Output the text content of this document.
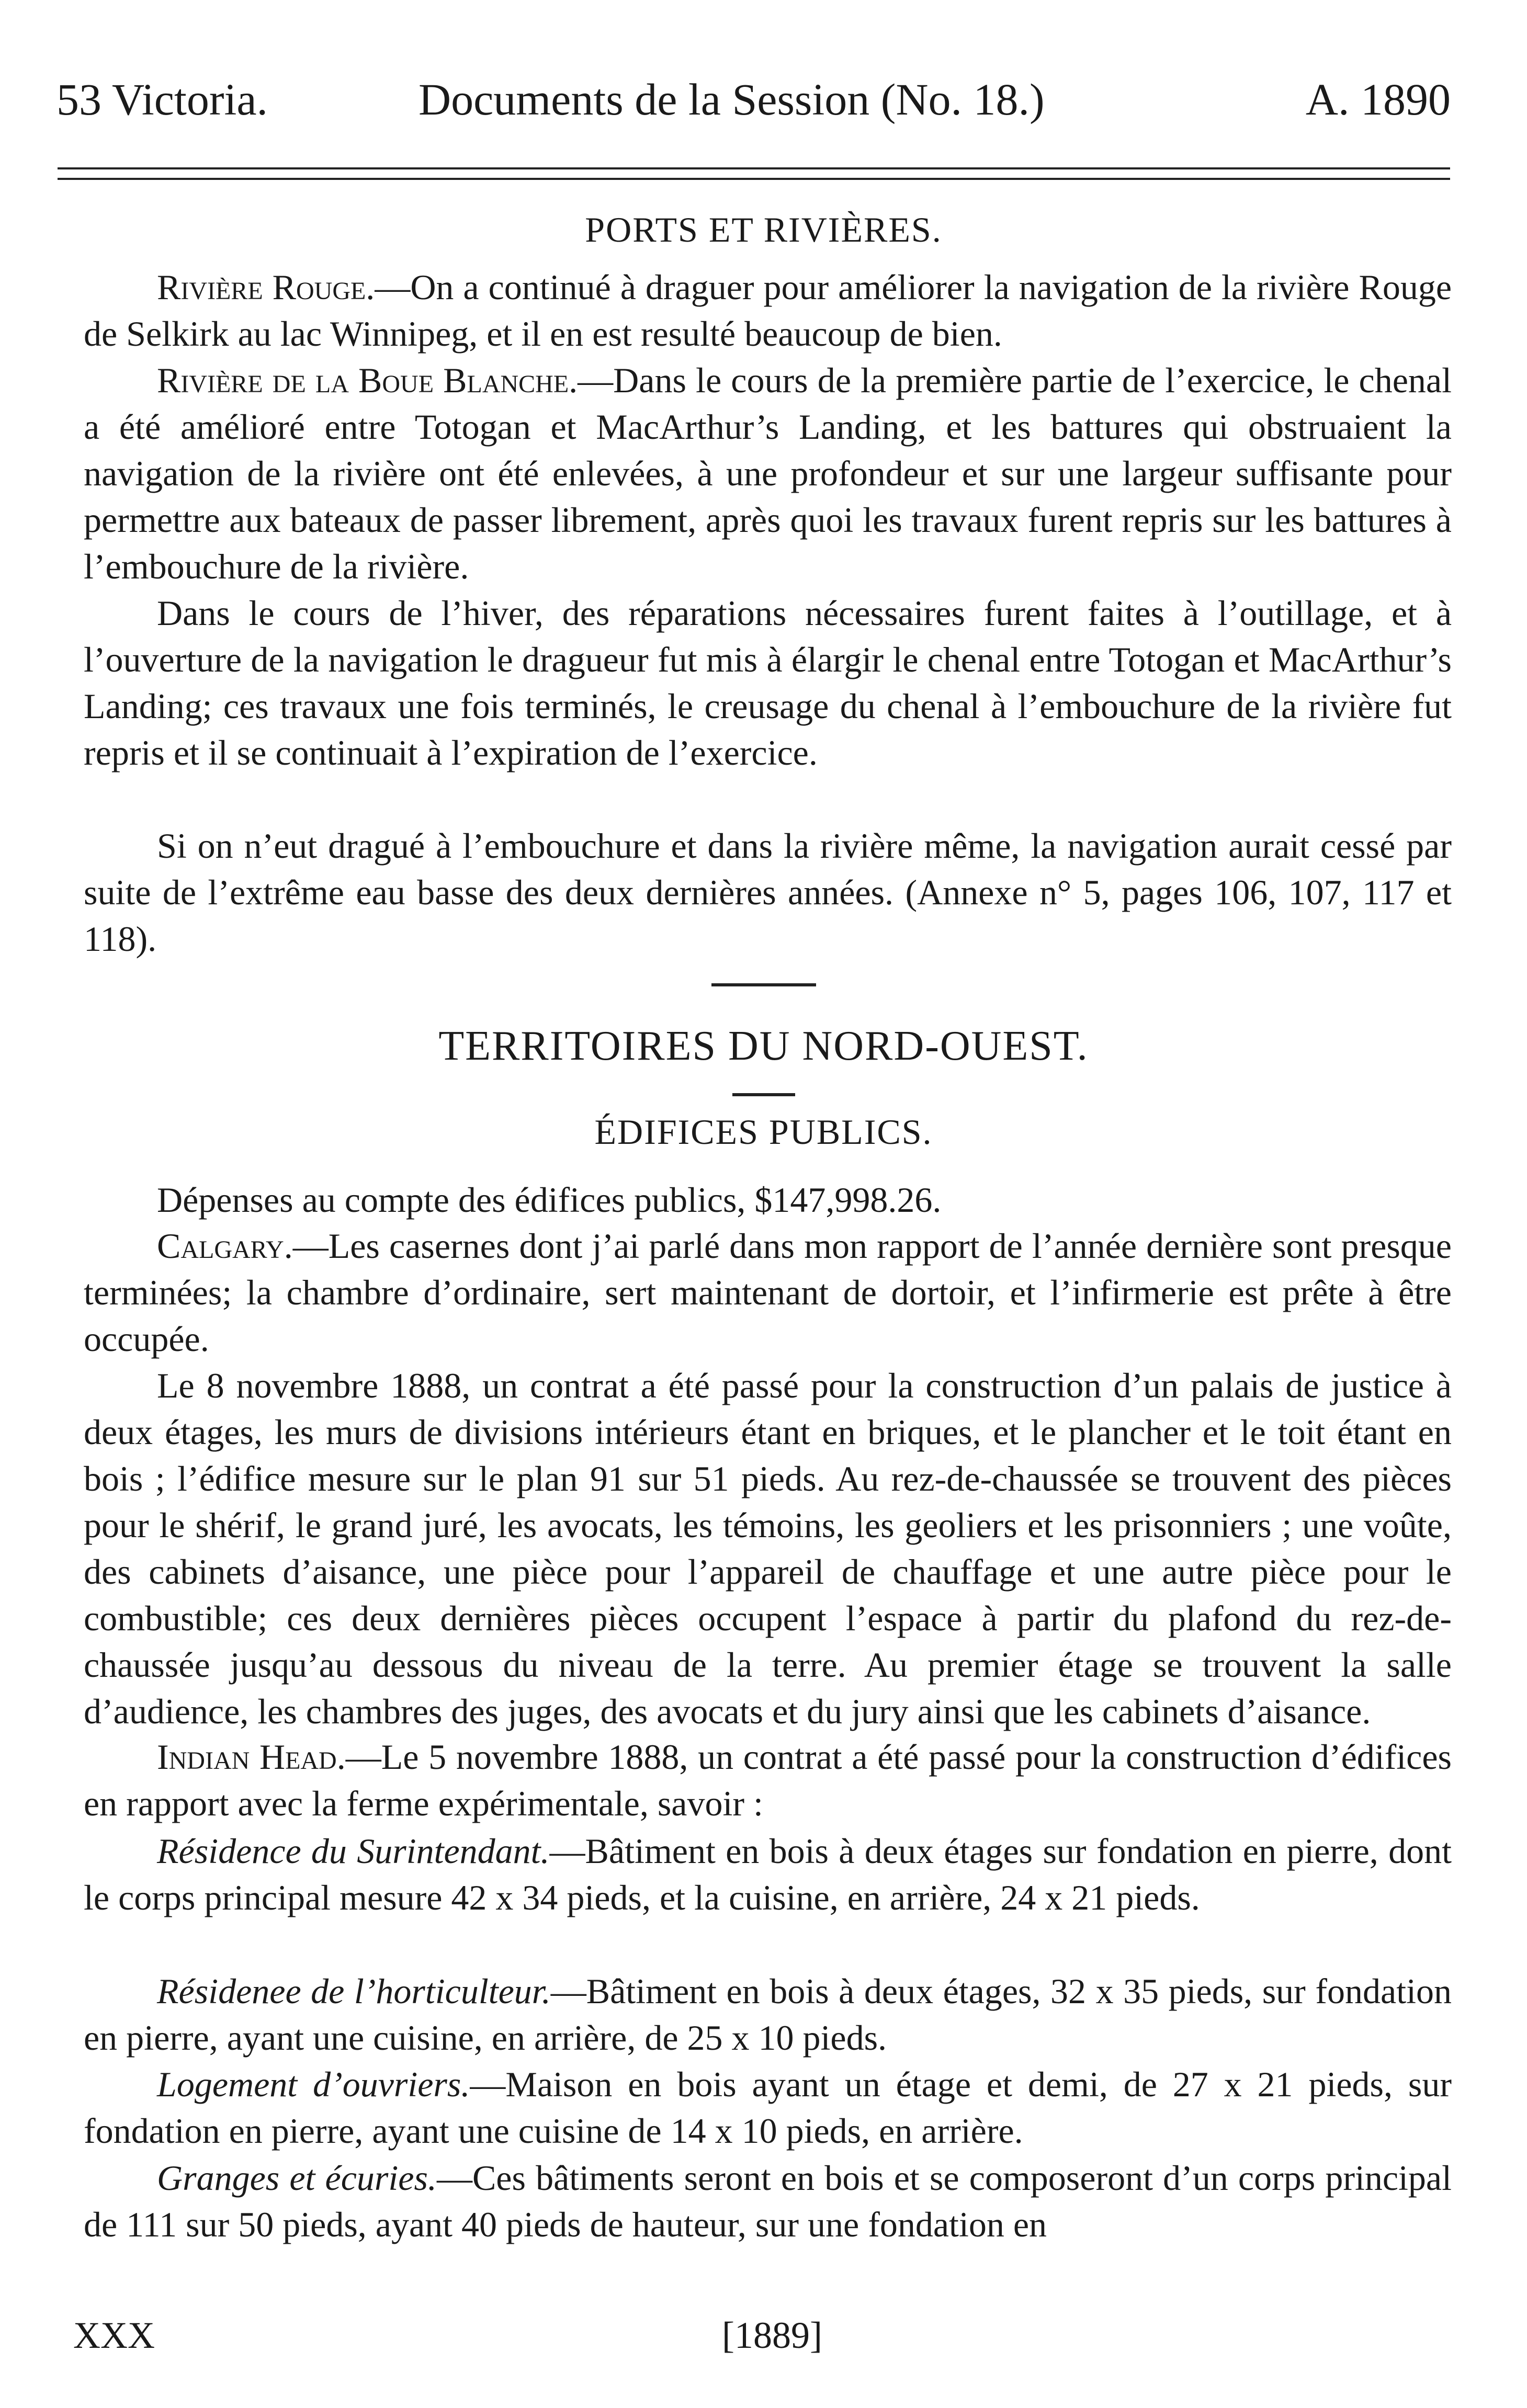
53 Victoria.	Documents de la Session (No. 18.)	A. 1890
PORTS ET RIVIÈRES.
Rivière Rouge.—On a continué à draguer pour améliorer la navigation de la rivière Rouge de Selkirk au lac Winnipeg, et il en est resulté beaucoup de bien.
Rivière de la Boue Blanche.—Dans le cours de la première partie de l’exercice, le chenal a été amélioré entre Totogan et MacArthur’s Landing, et les battures qui obstruaient la navigation de la rivière ont été enlevées, à une profondeur et sur une largeur suffisante pour permettre aux bateaux de passer librement, après quoi les travaux furent repris sur les battures à l’embouchure de la rivière.
Dans le cours de l’hiver, des réparations nécessaires furent faites à l’outillage, et à l’ouverture de la navigation le dragueur fut mis à élargir le chenal entre Totogan et MacArthur’s Landing; ces travaux une fois terminés, le creusage du chenal à l’embouchure de la rivière fut repris et il se continuait à l’expiration de l’exercice.
Si on n’eut dragué à l’embouchure et dans la rivière même, la navigation aurait cessé par suite de l’extrême eau basse des deux dernières années. (Annexe n° 5, pages 106, 107, 117 et 118).
TERRITOIRES DU NORD-OUEST.
ÉDIFICES PUBLICS.
Dépenses au compte des édifices publics, $147,998.26.
Calgary.—Les casernes dont j’ai parlé dans mon rapport de l’année dernière sont presque terminées; la chambre d’ordinaire, sert maintenant de dortoir, et l’infirmerie est prête à être occupée.
Le 8 novembre 1888, un contrat a été passé pour la construction d’un palais de justice à deux étages, les murs de divisions intérieurs étant en briques, et le plancher et le toit étant en bois ; l’édifice mesure sur le plan 91 sur 51 pieds. Au rez-de-chaussée se trouvent des pièces pour le shérif, le grand juré, les avocats, les témoins, les geoliers et les prisonniers ; une voûte, des cabinets d’aisance, une pièce pour l’appareil de chauffage et une autre pièce pour le combustible; ces deux dernières pièces occupent l’espace à partir du plafond du rez-de-chaussée jusqu’au dessous du niveau de la terre. Au premier étage se trouvent la salle d’audience, les chambres des juges, des avocats et du jury ainsi que les cabinets d’aisance.
Indian Head.—Le 5 novembre 1888, un contrat a été passé pour la construction d’édifices en rapport avec la ferme expérimentale, savoir :
Résidence du Surintendant.—Bâtiment en bois à deux étages sur fondation en pierre, dont le corps principal mesure 42 x 34 pieds, et la cuisine, en arrière, 24 x 21 pieds.
Résidenee de l’horticulteur.—Bâtiment en bois à deux étages, 32 x 35 pieds, sur fondation en pierre, ayant une cuisine, en arrière, de 25 x 10 pieds.
Logement d’ouvriers.—Maison en bois ayant un étage et demi, de 27 x 21 pieds, sur fondation en pierre, ayant une cuisine de 14 x 10 pieds, en arrière.
Granges et écuries.—Ces bâtiments seront en bois et se composeront d’un corps principal de 111 sur 50 pieds, ayant 40 pieds de hauteur, sur une fondation en
XXX	[1889]
